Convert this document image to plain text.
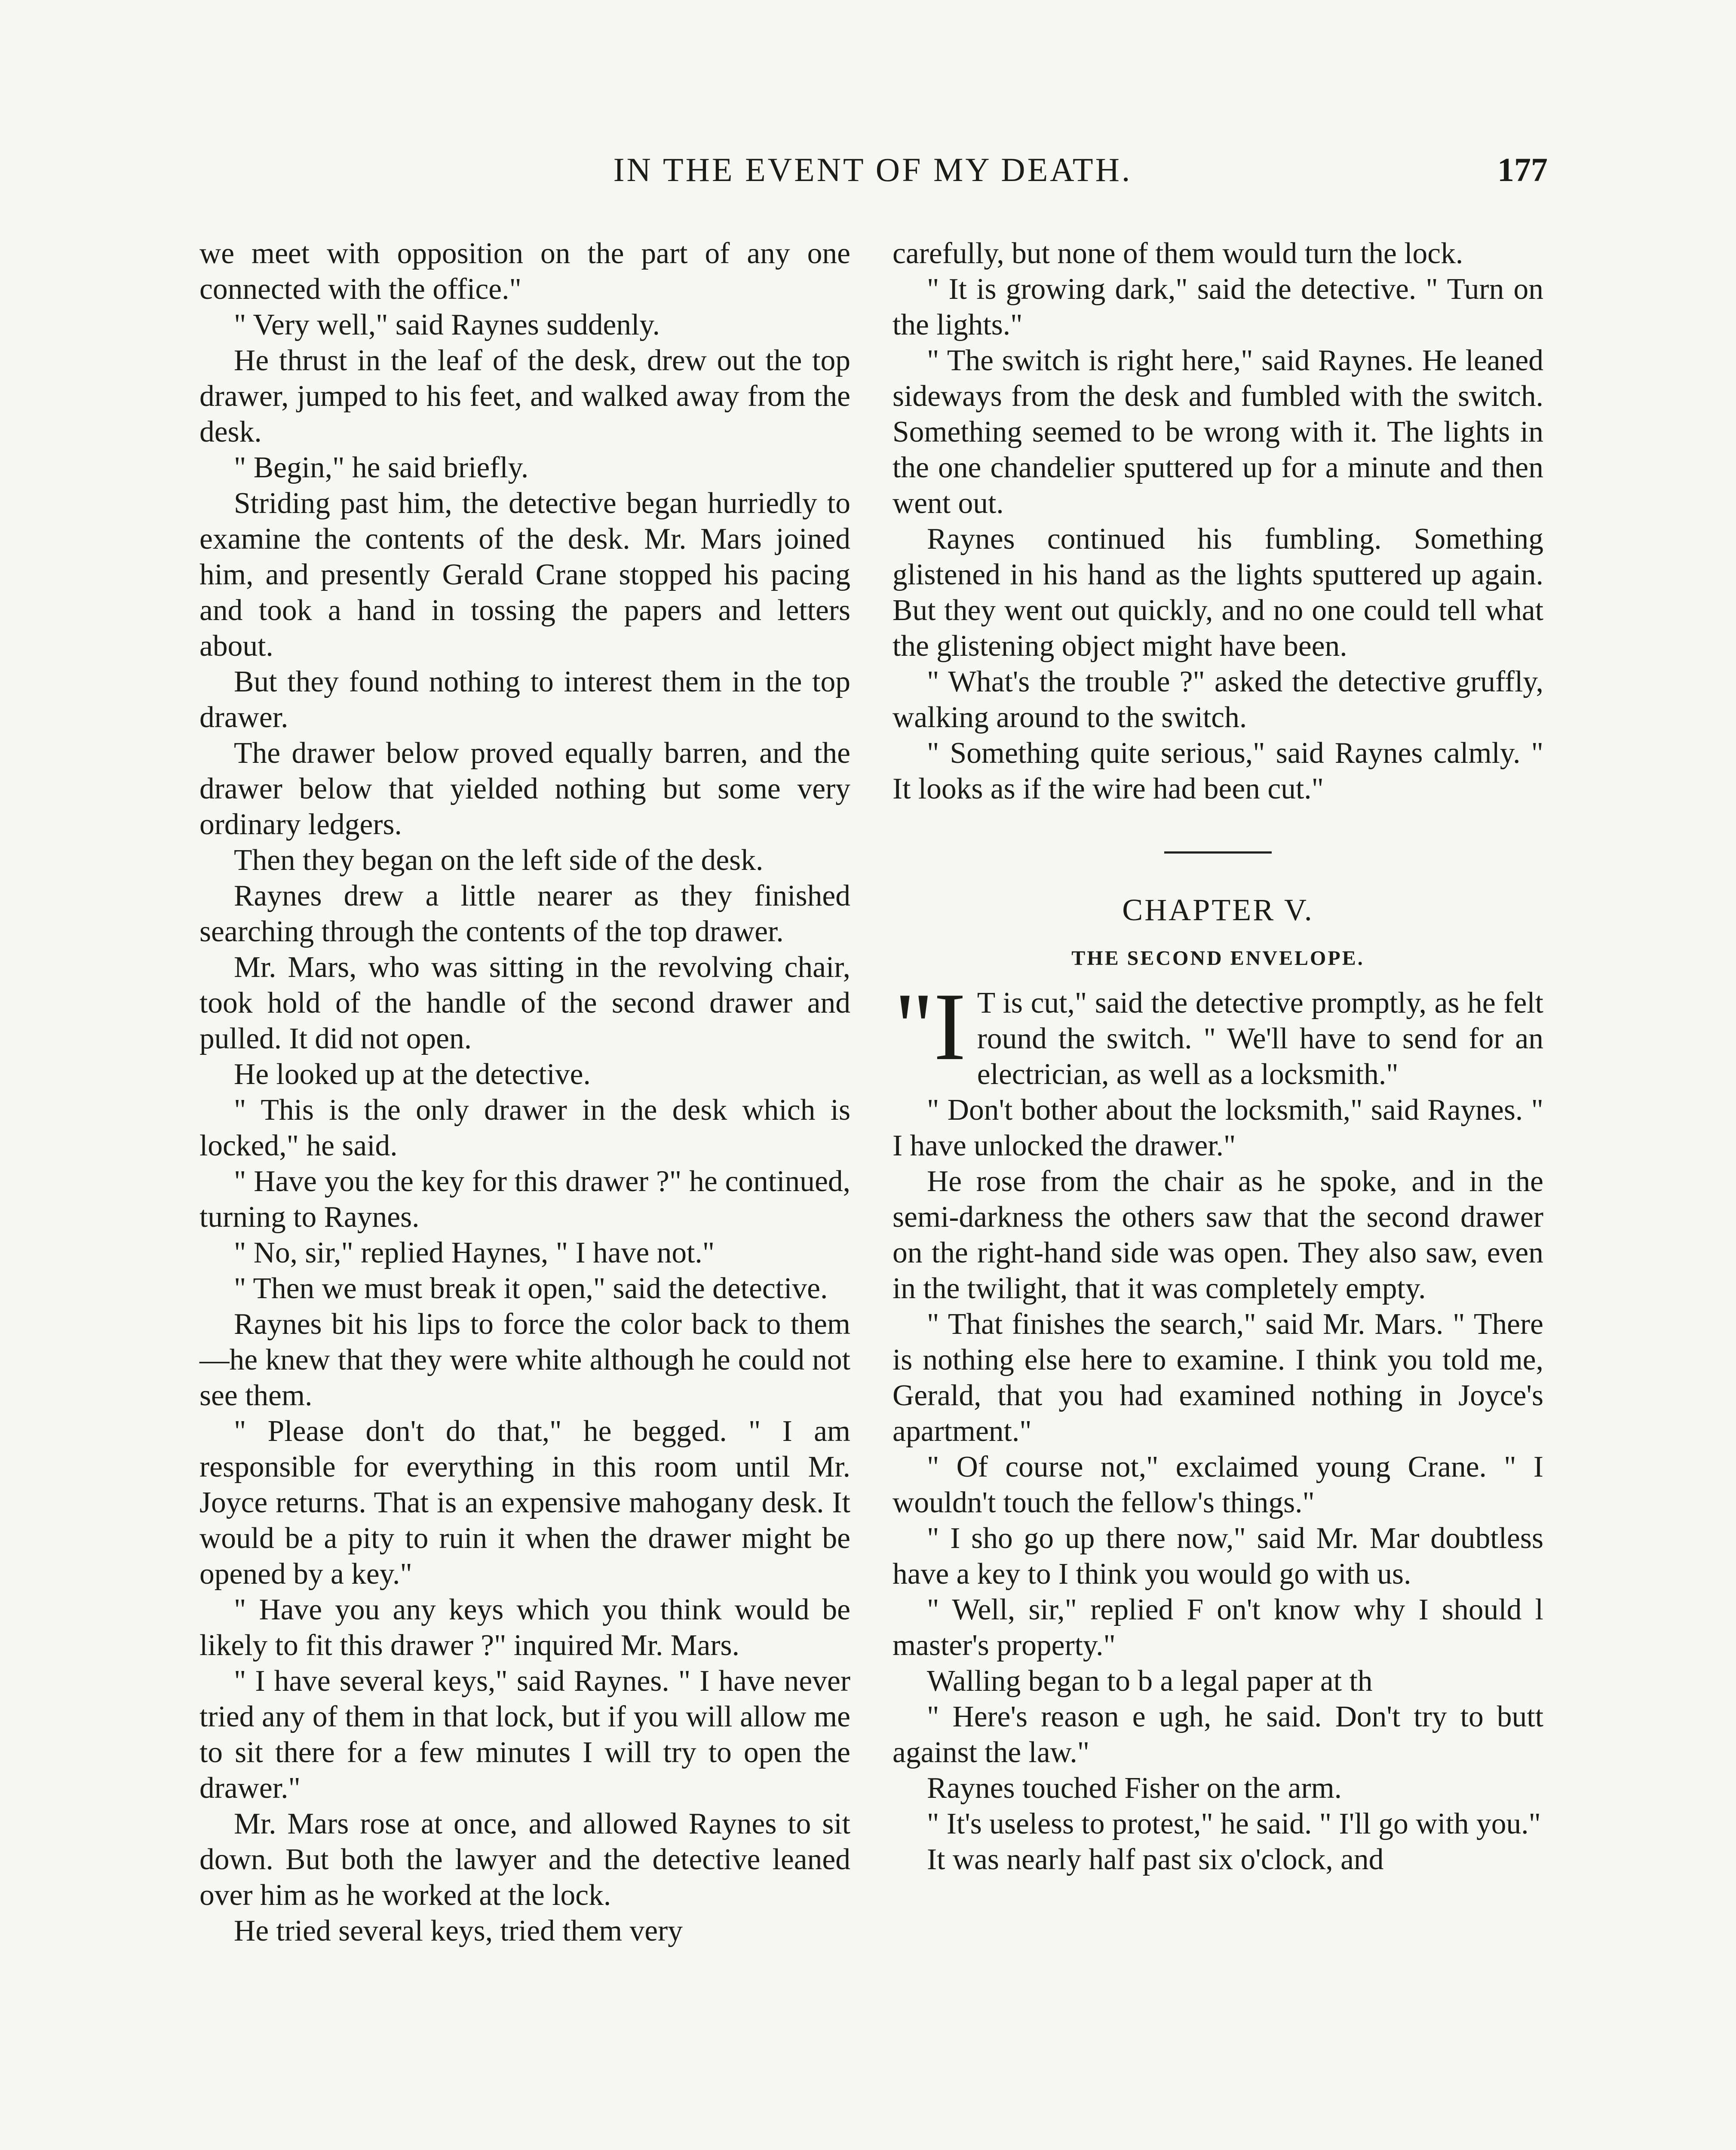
IN THE EVENT OF MY DEATH.	177

we meet with opposition on the part of any one connected with the office."

" Very well," said Raynes suddenly.

He thrust in the leaf of the desk, drew out the top drawer, jumped to his feet, and walked away from the desk.

" Begin," he said briefly.

Striding past him, the detective began hurriedly to examine the contents of the desk. Mr. Mars joined him, and presently Gerald Crane stopped his pacing and took a hand in tossing the papers and letters about.

But they found nothing to interest them in the top drawer.

The drawer below proved equally barren, and the drawer below that yielded nothing but some very ordinary ledgers.

Then they began on the left side of the desk.

Raynes drew a little nearer as they finished searching through the contents of the top drawer.

Mr. Mars, who was sitting in the revolving chair, took hold of the handle of the second drawer and pulled. It did not open.

He looked up at the detective.

" This is the only drawer in the desk which is locked," he said.

" Have you the key for this drawer ?" he continued, turning to Raynes.

" No, sir," replied Haynes, " I have not."

" Then we must break it open," said the detective.

Raynes bit his lips to force the color back to them—he knew that they were white although he could not see them.

" Please don't do that," he begged. " I am responsible for everything in this room until Mr. Joyce returns. That is an expensive mahogany desk. It would be a pity to ruin it when the drawer might be opened by a key."

" Have you any keys which you think would be likely to fit this drawer ?" inquired Mr. Mars.

" I have several keys," said Raynes. " I have never tried any of them in that lock, but if you will allow me to sit there for a few minutes I will try to open the drawer."

Mr. Mars rose at once, and allowed Raynes to sit down. But both the lawyer and the detective leaned over him as he worked at the lock.

He tried several keys, tried them very

carefully, but none of them would turn the lock.

" It is growing dark," said the detective. " Turn on the lights."

" The switch is right here," said Raynes. He leaned sideways from the desk and fumbled with the switch. Something seemed to be wrong with it. The lights in the one chandelier sputtered up for a minute and then went out.

Raynes continued his fumbling. Something glistened in his hand as the lights sputtered up again. But they went out quickly, and no one could tell what the glistening object might have been.

" What's the trouble ?" asked the detective gruffly, walking around to the switch.

" Something quite serious," said Raynes calmly. " It looks as if the wire had been cut."

CHAPTER V.
THE SECOND ENVELOPE.

"I T is cut," said the detective promptly, as he felt round the switch. " We'll have to send for an electrician, as well as a locksmith."

" Don't bother about the locksmith," said Raynes. " I have unlocked the drawer."

He rose from the chair as he spoke, and in the semi-darkness the others saw that the second drawer on the right-hand side was open. They also saw, even in the twilight, that it was completely empty.

" That finishes the search," said Mr. Mars. " There is nothing else here to examine. I think you told me, Gerald, that you had examined nothing in Joyce's apartment."

" Of course not," exclaimed young Crane. " I wouldn't touch the fellow's things."

" I sho go up there now," said Mr. Mar doubtless have a key to I think you would go with us.

" Well, sir," replied F on't know why I should l master's property."

Walling began to b a legal paper at th

" Here's reason e ugh, he said. Don't try to butt against the law."

Raynes touched Fisher on the arm.

" It's useless to protest," he said. " I'll go with you."

It was nearly half past six o'clock, and
